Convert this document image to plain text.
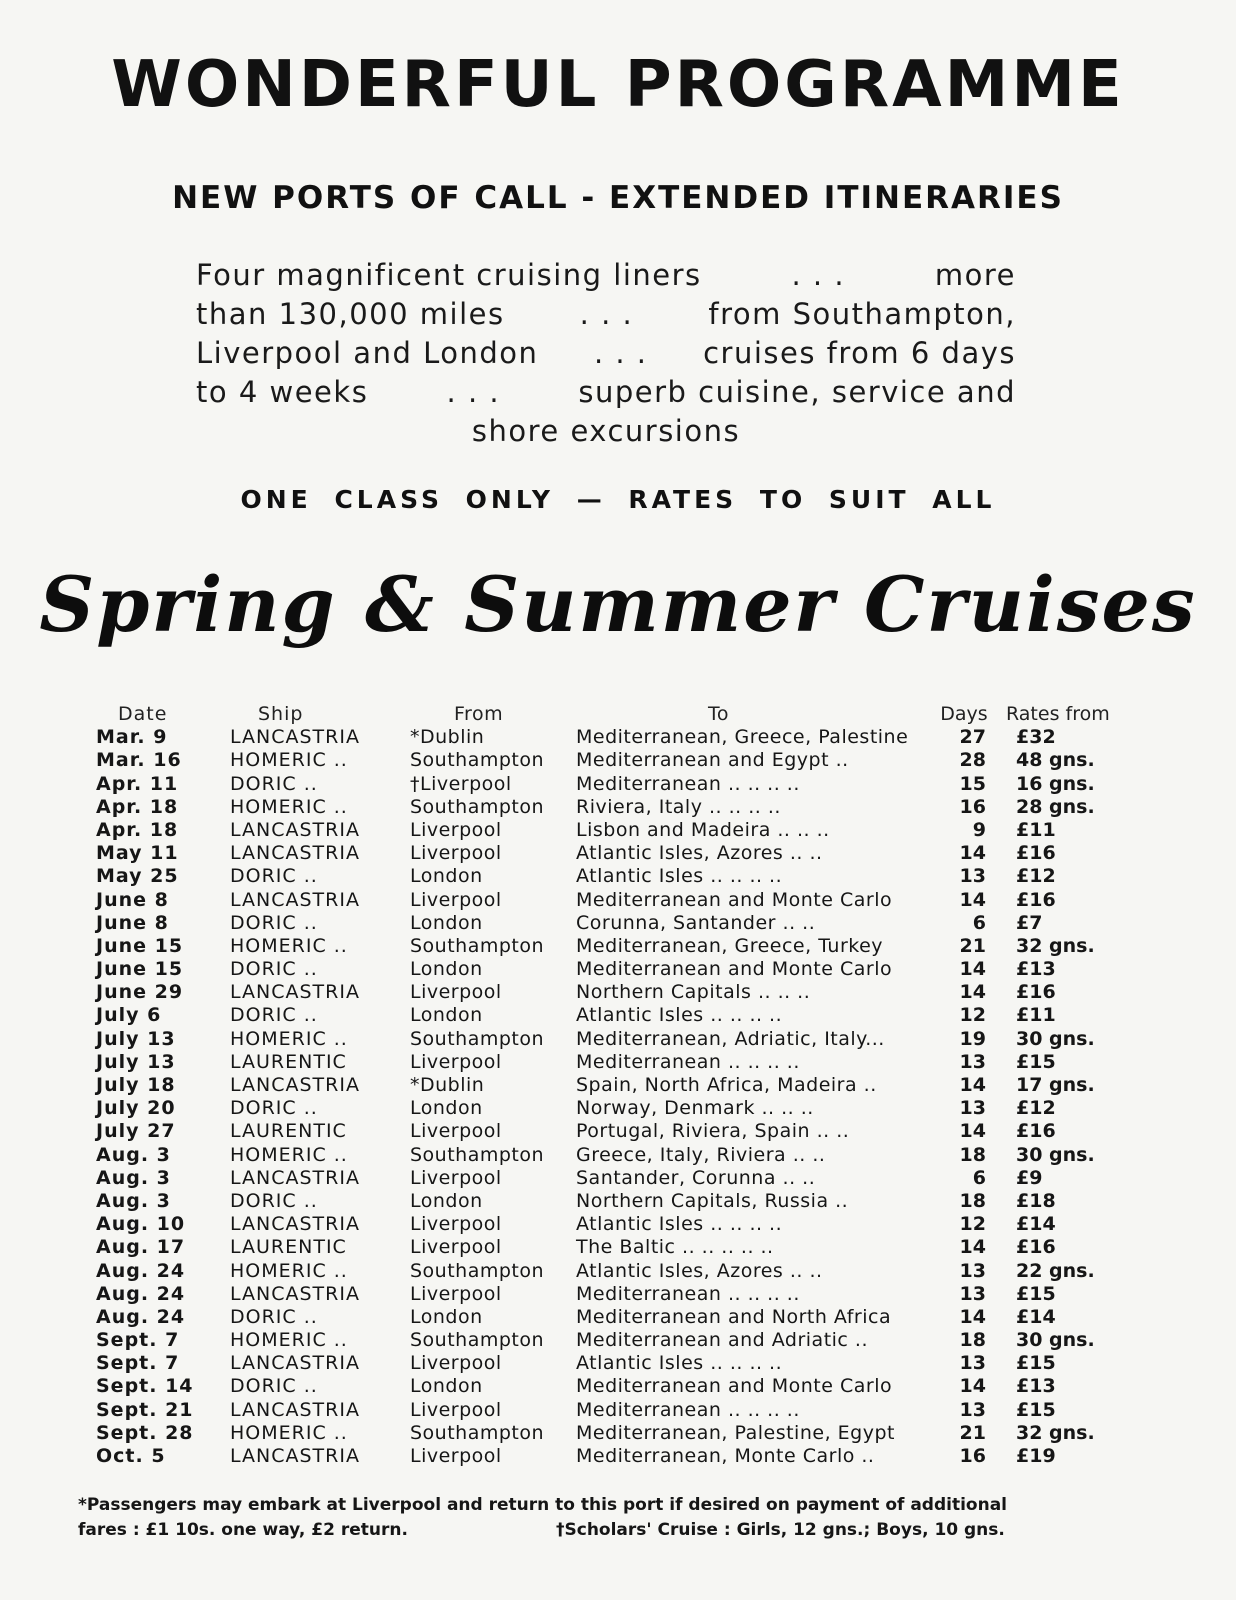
WONDERFUL PROGRAMME
NEW PORTS OF CALL - EXTENDED ITINERARIES
Four magnificent cruising liners	. . .	more
than 130,000 miles	. . .	from Southampton,
Liverpool and London . . . cruises from 6 days
to 4 weeks	. . .	superb cuisine, service and
shore excursions
ONE CLASS ONLY — RATES TO SUIT ALL
Spring & Summer Cruises
Date	Ship	From	To	Days Rates from
Mar. 9	LANCASTRIA	*Dublin	Mediterranean, Greece, Palestine	27 £32
Mar. 16	HOMERIC ..	Southampton Mediterranean and Egypt ..	28 48 gns.
Apr. 11	DORIC ..	†Liverpool	Mediterranean .. .. .. ..	15 16 gns.
Apr. 18	HOMERIC ..	Southampton Riviera, Italy .. .. .. ..	16 28 gns.
Apr. 18	LANCASTRIA	Liverpool	Lisbon and Madeira .. .. ..	9 £11
May 11	LANCASTRIA	Liverpool	Atlantic Isles, Azores .. ..	14 £16
May 25	DORIC ..	London	Atlantic Isles .. .. .. ..	13 £12
June 8	LANCASTRIA	Liverpool	Mediterranean and Monte Carlo	14 £16
June 8	DORIC ..	London	Corunna, Santander .. ..	6 £7
June 15	HOMERIC ..	Southampton Mediterranean, Greece, Turkey	21 32 gns.
June 15	DORIC ..	London	Mediterranean and Monte Carlo	14 £13
June 29	LANCASTRIA	Liverpool	Northern Capitals .. .. ..	14 £16
July 6	DORIC ..	London	Atlantic Isles .. .. .. ..	12 £11
July 13	HOMERIC ..	Southampton Mediterranean, Adriatic, Italy...	19 30 gns.
July 13	LAURENTIC	Liverpool	Mediterranean .. .. .. ..	13 £15
July 18	LANCASTRIA	*Dublin	Spain, North Africa, Madeira ..	14 17 gns.
July 20	DORIC ..	London	Norway, Denmark .. .. ..	13 £12
July 27	LAURENTIC	Liverpool	Portugal, Riviera, Spain .. ..	14 £16
Aug. 3	HOMERIC ..	Southampton Greece, Italy, Riviera .. ..	18 30 gns.
Aug. 3	LANCASTRIA	Liverpool	Santander, Corunna .. ..	6 £9
Aug. 3	DORIC ..	London	Northern Capitals, Russia ..	18 £18
Aug. 10	LANCASTRIA	Liverpool	Atlantic Isles .. .. .. ..	12 £14
Aug. 17	LAURENTIC	Liverpool	The Baltic .. .. .. .. ..	14 £16
Aug. 24	HOMERIC ..	Southampton Atlantic Isles, Azores .. ..	13 22 gns.
Aug. 24	LANCASTRIA	Liverpool	Mediterranean .. .. .. ..	13 £15
Aug. 24	DORIC ..	London	Mediterranean and North Africa	14 £14
Sept. 7	HOMERIC ..	Southampton Mediterranean and Adriatic ..	18 30 gns.
Sept. 7	LANCASTRIA	Liverpool	Atlantic Isles .. .. .. ..	13 £15
Sept. 14	DORIC ..	London	Mediterranean and Monte Carlo	14 £13
Sept. 21	LANCASTRIA	Liverpool	Mediterranean .. .. .. ..	13 £15
Sept. 28	HOMERIC ..	Southampton Mediterranean, Palestine, Egypt	21 32 gns.
Oct. 5	LANCASTRIA	Liverpool	Mediterranean, Monte Carlo ..	16 £19
*Passengers may embark at Liverpool and return to this port if desired on payment of additional
fares : £1 10s. one way, £2 return.	†Scholars' Cruise : Girls, 12 gns.; Boys, 10 gns.
